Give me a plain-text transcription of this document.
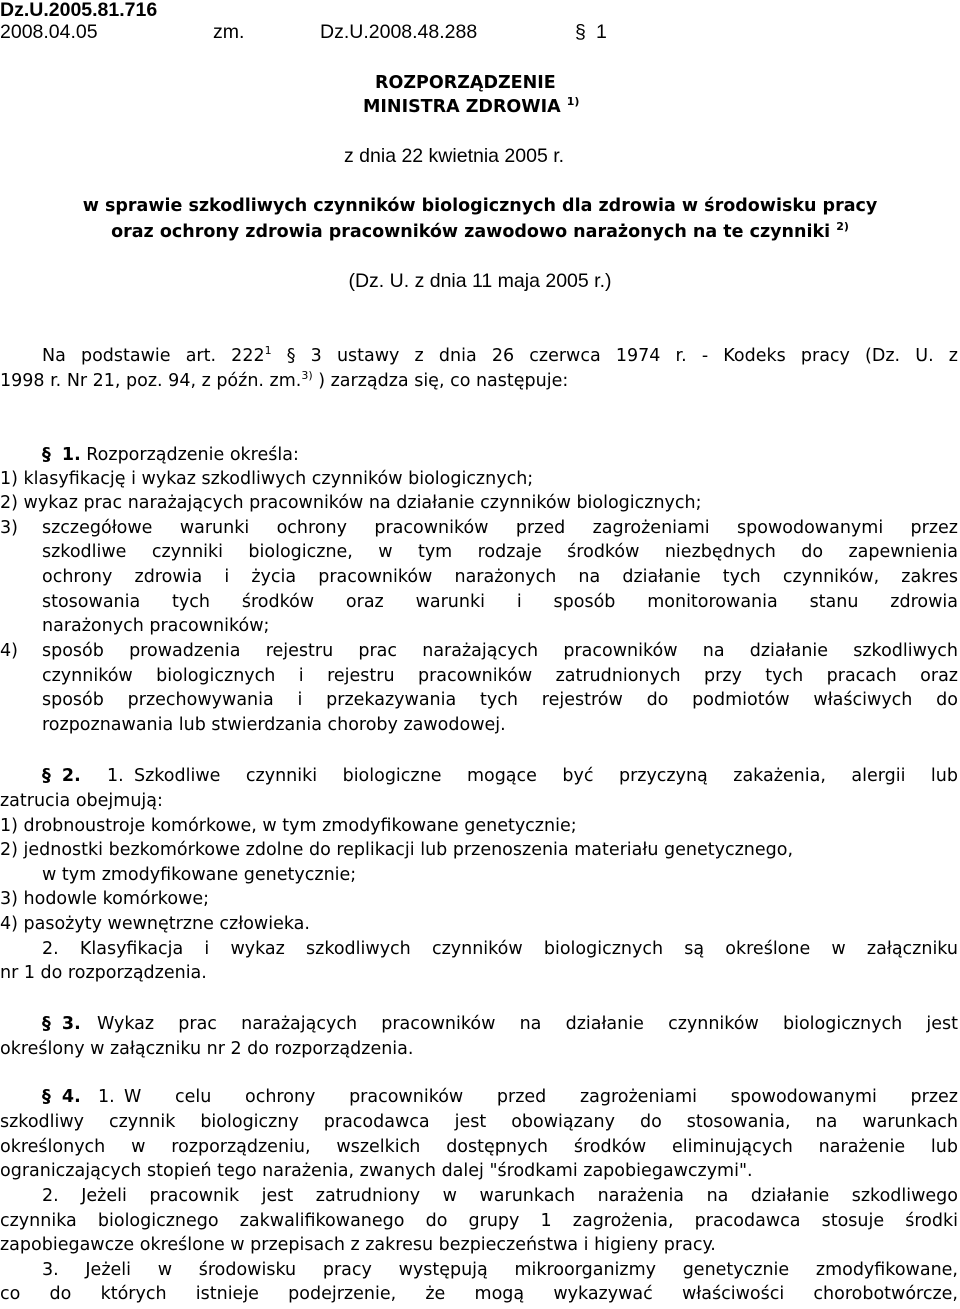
Dz.U.2005.81.716
2008.04.05	zm.	Dz.U.2008.48.288	§ 1
ROZPORZĄDZENIE
MINISTRA ZDROWIA $^{1)}$
z dnia 22 kwietnia 2005 r.
w sprawie szkodliwych czynników biologicznych dla zdrowia w środowisku pracy
oraz ochrony zdrowia pracowników zawodowo narażonych na te czynniki $^{2)}$
(Dz. U. z dnia 11 maja 2005 r.)
Na podstawie art. $222^1$ § 3 ustawy z dnia 26 czerwca 1974 r. - Kodeks pracy (Dz. U. z
1998 r. Nr 21, poz. 94, z późn. zm.$^{3)}$ ) zarządza się, co następuje:
§ 1. Rozporządzenie określa:
1) klasyfikację i wykaz szkodliwych czynników biologicznych;
2) wykaz prac narażających pracowników na działanie czynników biologicznych;
3) szczegółowe warunki ochrony pracowników przed zagrożeniami spowodowanymi przez
szkodliwe czynniki biologiczne, w tym rodzaje środków niezbędnych do zapewnienia
ochrony zdrowia i życia pracowników narażonych na działanie tych czynników, zakres
stosowania tych środków oraz warunki i sposób monitorowania stanu zdrowia
narażonych pracowników;
4) sposób prowadzenia rejestru prac narażających pracowników na działanie szkodliwych
czynników biologicznych i rejestru pracowników zatrudnionych przy tych pracach oraz
sposób przechowywania i przekazywania tych rejestrów do podmiotów właściwych do
rozpoznawania lub stwierdzania choroby zawodowej.
§ 2. 1. Szkodliwe czynniki biologiczne mogące być przyczyną zakażenia, alergii lub
zatrucia obejmują:
1) drobnoustroje komórkowe, w tym zmodyfikowane genetycznie;
2) jednostki bezkomórkowe zdolne do replikacji lub przenoszenia materiału genetycznego,
w tym zmodyfikowane genetycznie;
3) hodowle komórkowe;
4) pasożyty wewnętrzne człowieka.
2. Klasyfikacja i wykaz szkodliwych czynników biologicznych są określone w załączniku
nr 1 do rozporządzenia.
§ 3. Wykaz prac narażających pracowników na działanie czynników biologicznych jest
określony w załączniku nr 2 do rozporządzenia.
§ 4. 1. W celu ochrony pracowników przed zagrożeniami spowodowanymi przez
szkodliwy czynnik biologiczny pracodawca jest obowiązany do stosowania, na warunkach
określonych w rozporządzeniu, wszelkich dostępnych środków eliminujących narażenie lub
ograniczających stopień tego narażenia, zwanych dalej "środkami zapobiegawczymi".
2. Jeżeli pracownik jest zatrudniony w warunkach narażenia na działanie szkodliwego
czynnika biologicznego zakwalifikowanego do grupy 1 zagrożenia, pracodawca stosuje środki
zapobiegawcze określone w przepisach z zakresu bezpieczeństwa i higieny pracy.
3. Jeżeli w środowisku pracy występują mikroorganizmy genetycznie zmodyfikowane,
co do których istnieje podejrzenie, że mogą wykazywać właściwości chorobotwórcze,
